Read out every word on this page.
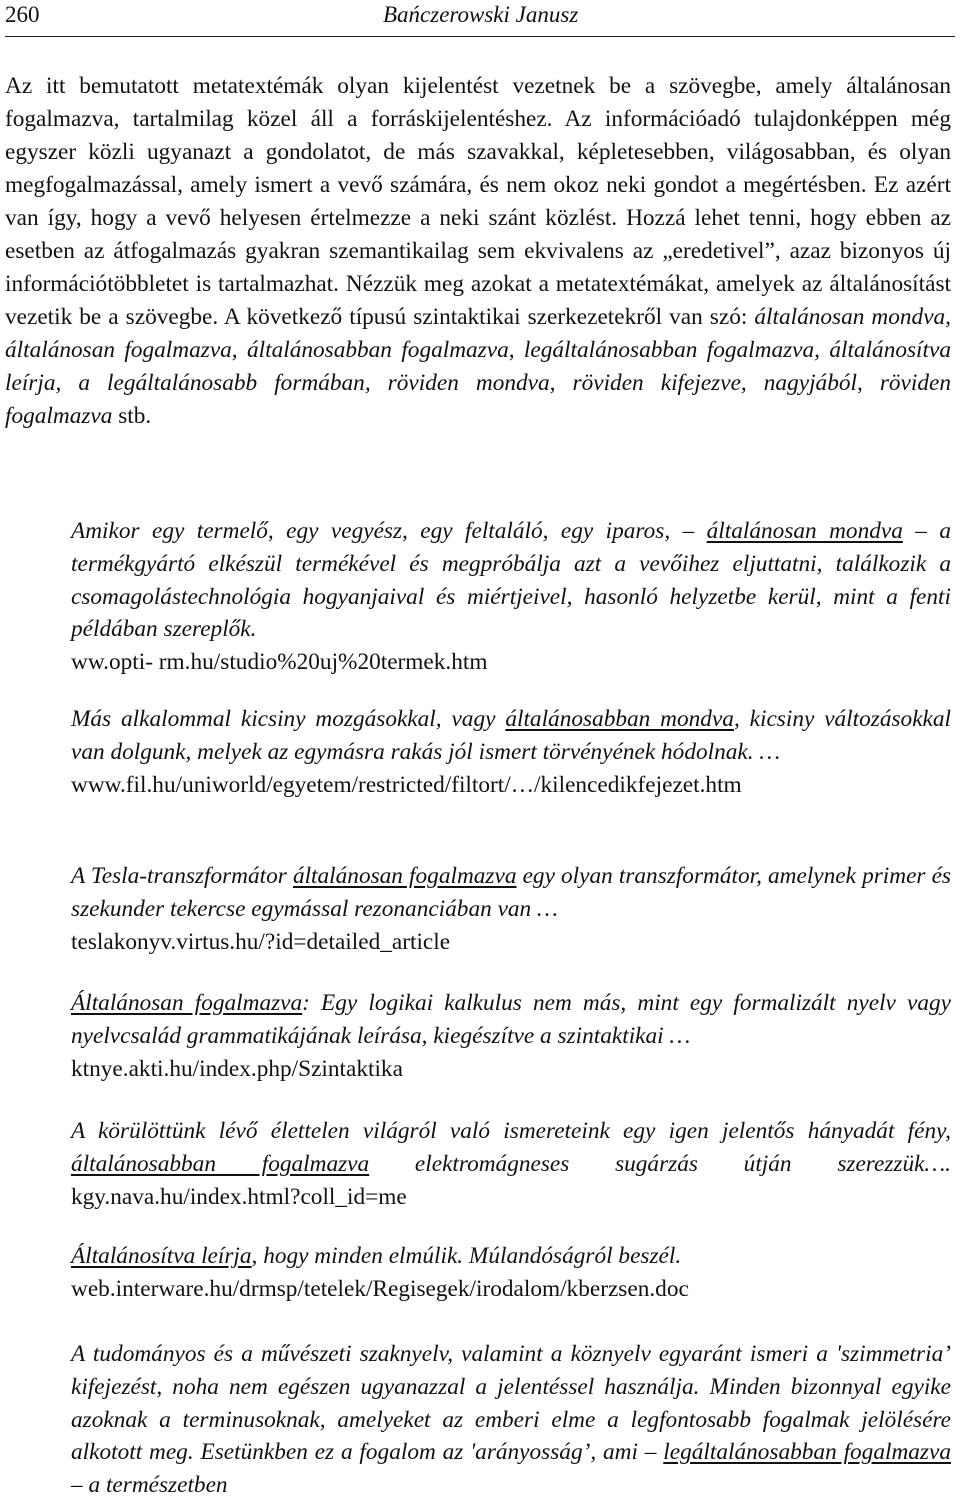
260	Bańczerowski Janusz

Az itt bemutatott metatextémák olyan kijelentést vezetnek be a szövegbe, amely általánosan fogalmazva, tartalmilag közel áll a forráskijelentéshez. Az információadó tulajdonképpen még egyszer közli ugyanazt a gondolatot, de más szavakkal, képletesebben, világosabban, és olyan megfogalmazással, amely ismert a vevő számára, és nem okoz neki gondot a megértésben. Ez azért van így, hogy a vevő helyesen értelmezze a neki szánt közlést. Hozzá lehet tenni, hogy ebben az esetben az átfogalmazás gyakran szemantikailag sem ekvivalens az „eredetivel”, azaz bizonyos új információtöbbletet is tartalmazhat. Nézzük meg azokat a metatextémákat, amelyek az általánosítást vezetik be a szövegbe. A következő típusú szintaktikai szerkezetekről van szó: általánosan mondva, általánosan fogalmazva, általánosabban fogalmazva, legáltalánosabban fogalmazva, általánosítva leírja, a legáltalánosabb formában, röviden mondva, röviden kifejezve, nagyjából, röviden fogalmazva stb.

Amikor egy termelő, egy vegyész, egy feltaláló, egy iparos, – általánosan mondva – a termékgyártó elkészül termékével és megpróbálja azt a vevőihez eljuttatni, találkozik a csomagolástechnológia hogyanjaival és miértjeivel, hasonló helyzetbe kerül, mint a fenti példában szereplők.
ww.opti- rm.hu/studio%20uj%20termek.htm

Más alkalommal kicsiny mozgásokkal, vagy általánosabban mondva, kicsiny változásokkal van dolgunk, melyek az egymásra rakás jól ismert törvényének hódolnak. …
www.fil.hu/uniworld/egyetem/restricted/filtort/…/kilencedikfejezet.htm

A Tesla-transzformátor általánosan fogalmazva egy olyan transzformátor, amelynek primer és szekunder tekercse egymással rezonanciában van …
teslakonyv.virtus.hu/?id=detailed_article

Általánosan fogalmazva: Egy logikai kalkulus nem más, mint egy formalizált nyelv vagy nyelvcsalád grammatikájának leírása, kiegészítve a szintaktikai …
ktnye.akti.hu/index.php/Szintaktika

A körülöttünk lévő élettelen világról való ismereteink egy igen jelentős hányadát fény, általánosabban fogalmazva elektromágneses sugárzás útján szerezzük…. kgy.nava.hu/index.html?coll_id=me

Általánosítva leírja, hogy minden elmúlik. Múlandóságról beszél.
web.interware.hu/drmsp/tetelek/Regisegek/irodalom/kberzsen.doc

A tudományos és a művészeti szaknyelv, valamint a köznyelv egyaránt ismeri a 'szimmetria’ kifejezést, noha nem egészen ugyanazzal a jelentéssel használja. Minden bizonnyal egyike azoknak a terminusoknak, amelyeket az emberi elme a legfontosabb fogalmak jelölésére alkotott meg. Esetünkben ez a fogalom az 'arányosság’, ami – legáltalánosabban fogalmazva – a természetben
